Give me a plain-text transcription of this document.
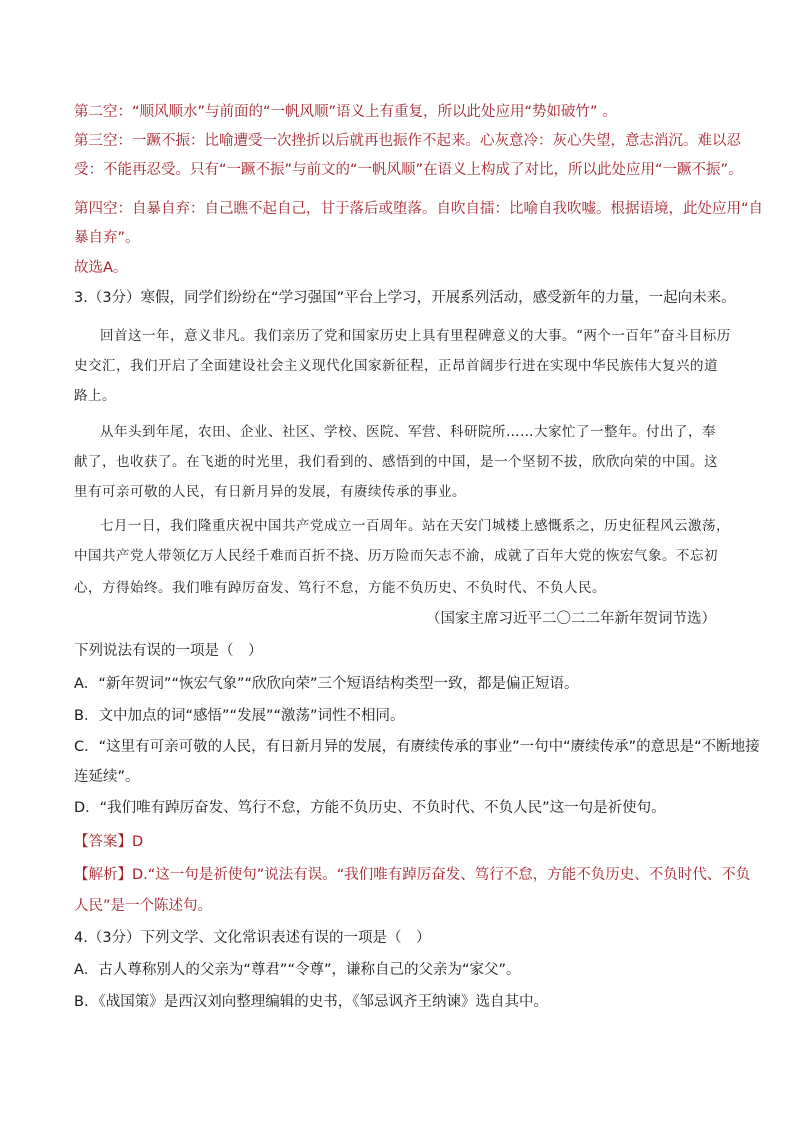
第二空：“顺风顺水”与前面的“一帆风顺”语义上有重复，所以此处应用“势如破竹” 。
第三空：一蹶不振：比喻遭受一次挫折以后就再也振作不起来。心灰意冷：灰心失望，意志消沉。难以忍
受：不能再忍受。只有“一蹶不振”与前文的“一帆风顺”在语义上构成了对比，所以此处应用“一蹶不振”。
第四空：自暴自弃：自己瞧不起自己，甘于落后或堕落。自吹自擂：比喻自我吹嘘。根据语境，此处应用“自
暴自弃”。
故选A。
3.（3分）寒假，同学们纷纷在“学习强国”平台上学习，开展系列活动，感受新年的力量，一起向未来。
回首这一年，意义非凡。我们亲历了党和国家历史上具有里程碑意义的大事。“两个一百年”奋斗目标历
史交汇，我们开启了全面建设社会主义现代化国家新征程，正昂首阔步行进在实现中华民族伟大复兴的道
路上。
从年头到年尾，农田、企业、社区、学校、医院、军营、科研院所……大家忙了一整年。付出了，奉
献了，也收获了。在飞逝的时光里，我们看到的、感悟到的中国，是一个坚韧不拔，欣欣向荣的中国。这
里有可亲可敬的人民，有日新月异的发展，有赓续传承的事业。
七月一日，我们隆重庆祝中国共产党成立一百周年。站在天安门城楼上感慨系之，历史征程风云激荡，
中国共产党人带领亿万人民经千难而百折不挠、历万险而矢志不渝，成就了百年大党的恢宏气象。不忘初
心，方得始终。我们唯有踔厉奋发、笃行不怠，方能不负历史、不负时代、不负人民。
（国家主席习近平二〇二二年新年贺词节选）
下列说法有误的一项是（　）
A．“新年贺词”“恢宏气象”“欣欣向荣”三个短语结构类型一致，都是偏正短语。
B．文中加点的词“感悟”“发展”“激荡”词性不相同。
C．“这里有可亲可敬的人民，有日新月异的发展，有赓续传承的事业”一句中“赓续传承”的意思是“不断地接
连延续”。
D．“我们唯有踔厉奋发、笃行不怠，方能不负历史、不负时代、不负人民”这一句是祈使句。
【答案】D
【解析】D.“这一句是祈使句”说法有误。“我们唯有踔厉奋发、笃行不怠，方能不负历史、不负时代、不负
人民”是一个陈述句。
4.（3分）下列文学、文化常识表述有误的一项是（　）
A．古人尊称别人的父亲为“尊君”“令尊”，谦称自己的父亲为“家父”。
B．《战国策》是西汉刘向整理编辑的史书，《邹忌讽齐王纳谏》选自其中。
